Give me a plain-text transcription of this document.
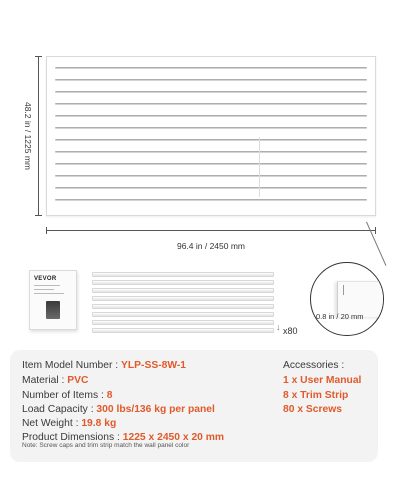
48.2 in / 1225 mm
96.4 in / 2450 mm
0.8 in / 20 mm
VEVOR
↓ x80
Item Model Number : YLP-SS-8W-1
Material : PVC
Number of Items : 8
Load Capacity : 300 lbs/136 kg per panel
Net Weight : 19.8 kg
Product Dimensions : 1225 x 2450 x 20 mm
Accessories :
1 x User Manual
8 x Trim Strip
80 x Screws
Note: Screw caps and trim strip match the wall panel color
